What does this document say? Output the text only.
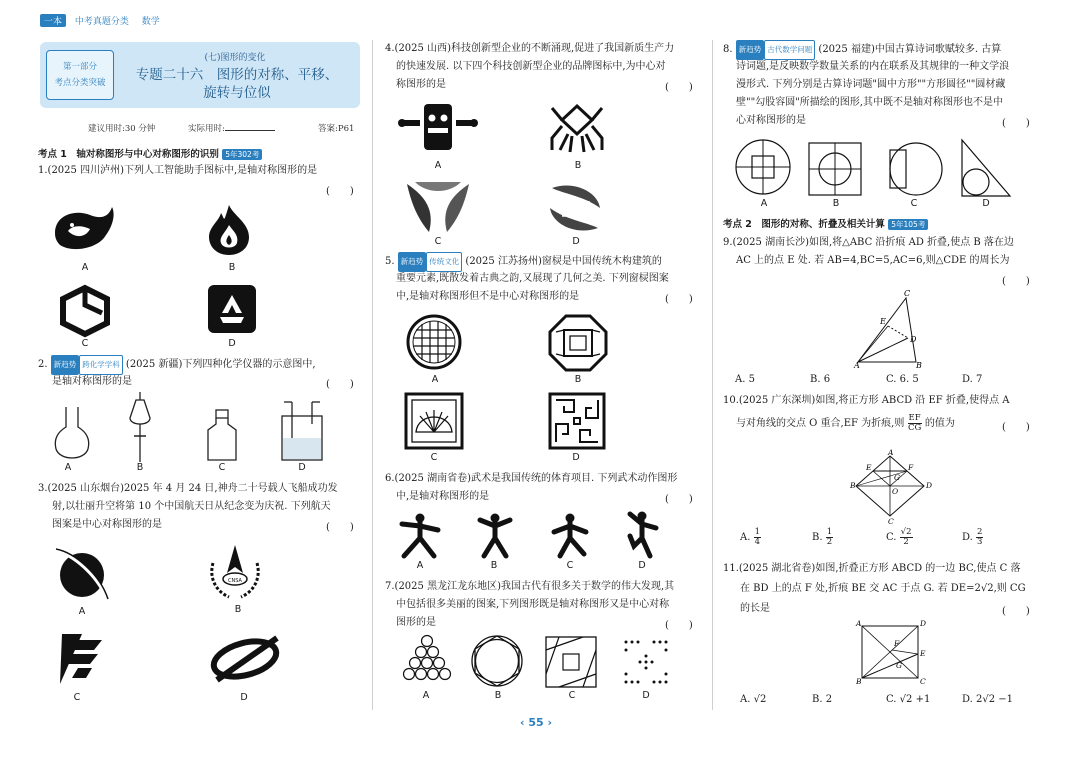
一本 中考真题分类 数学
第一部分
考点分类突破
(七)图形的变化
专题二十六　图形的对称、平移、
旋转与位似
建议用时:30 分钟	实际用时:	答案:P61
考点 1　轴对称图形与中心对称图形的识别 5年302考
1.(2025 四川泸州)下列人工智能助手图标中,是轴对称图形的是
(　　)
A	B
C	D
2. 新趋势 跨化学学科 (2025 新疆)下列四种化学仪器的示意图中,
是轴对称图形的是	(　　)
A	B	C	D
3.(2025 山东烟台)2025 年 4 月 24 日,神舟二十号载人飞船成功发
射,以壮丽升空将第 10 个中国航天日从纪念变为庆祝. 下列航天
图案是中心对称图形的是	(　　)
CNSA
A	B
C	D
4.(2025 山西)科技创新型企业的不断涌现,促进了我国新质生产力
的快速发展. 以下四个科技创新型企业的品牌图标中,为中心对
称图形的是	(　　)
A	B
C	D
5. 新趋势 传统文化 (2025 江苏扬州)窗棂是中国传统木构建筑的
重要元素,既散发着古典之韵,又展现了几何之美. 下列窗棂图案
中,是轴对称图形但不是中心对称图形的是	(　　)
A	B
C	D
6.(2025 湖南省卷)武术是我国传统的体育项目. 下列武术动作图形
中,是轴对称图形的是	(　　)
A	B	C	D
7.(2025 黑龙江龙东地区)我国古代有很多关于数学的伟大发现,其
中包括很多美丽的图案,下列图形既是轴对称图形又是中心对称
图形的是	(　　)
A	B	C	D
8. 新趋势 古代数学问题 (2025 福建)中国古算诗词歌赋较多. 古算
诗词题,是反映数学数量关系的内在联系及其规律的一种文学浪
漫形式. 下列分别是古算诗词题"圆中方形""方形圆径""圆材藏
壁""勾股容圆"所描绘的图形,其中既不是轴对称图形也不是中
心对称图形的是	(　　)
A	B	C	D
考点 2　图形的对称、折叠及相关计算 5年105考
9.(2025 湖南长沙)如图,将△ABC 沿折痕 AD 折叠,使点 B 落在边
AC 上的点 E 处. 若 AB=4,BC=5,AC=6,则△CDE 的周长为
(　　)
A	B
C
D
E
A. 5	B. 6	C. 6. 5	D. 7
10.(2025 广东深圳)如图,将正方形 ABCD 沿 EF 折叠,使得点 A
与对角线的交点 O 重合,EF 为折痕,则 $\frac{EF}{CG}$ 的值为	(　　)
A
B
C
D
E	F
G
O
A. $\frac{1}{4}$	B. $\frac{1}{2}$	C. $\frac{√2}{2}$	D. $\frac{2}{3}$
11.(2025 湖北省卷)如图,折叠正方形 ABCD 的一边 BC,使点 C 落
在 BD 上的点 F 处,折痕 BE 交 AC 于点 G. 若 DE=2√2,则 CG
的长是	(　　)
A
B	C
D
E
F
G
A. √2	B. 2	C. √2 +1	D. 2√2 −1
‹ 55 ›
